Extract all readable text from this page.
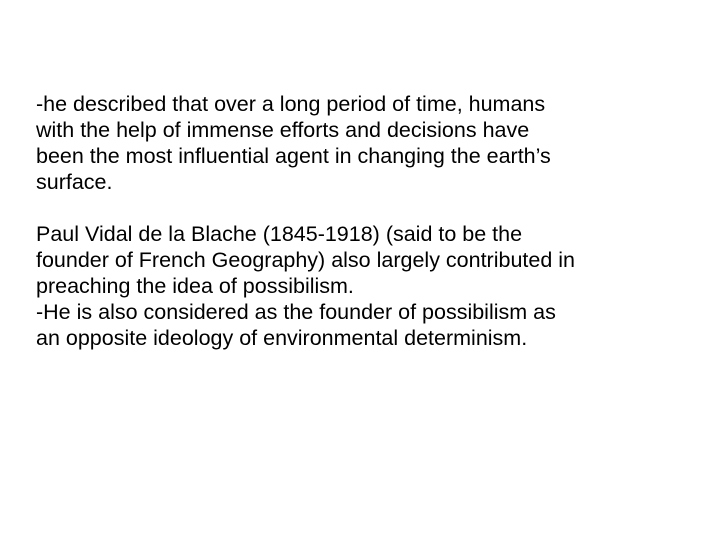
-he described that over a long period of time, humans
with the help of immense efforts and decisions have
been the most influential agent in changing the earth’s
surface.

Paul Vidal de la Blache (1845-1918) (said to be the
founder of French Geography) also largely contributed in
preaching the idea of possibilism.
-He is also considered as the founder of possibilism as
an opposite ideology of environmental determinism.
